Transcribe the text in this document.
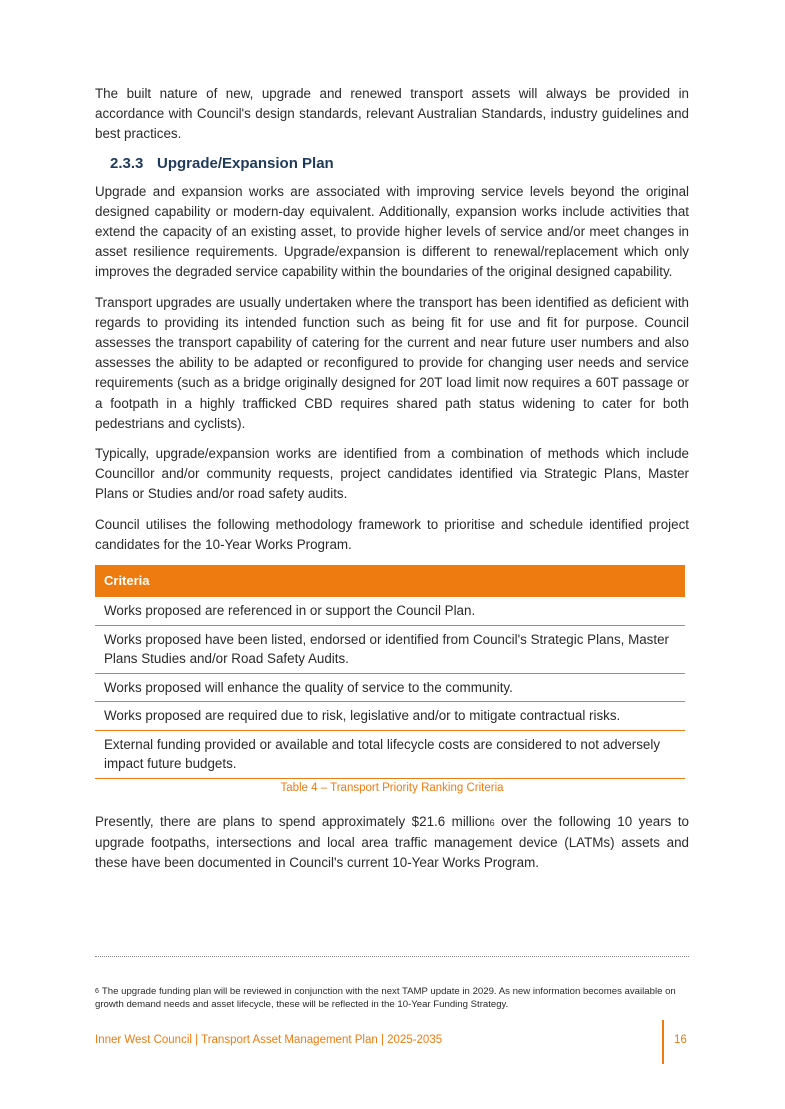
The built nature of new, upgrade and renewed transport assets will always be provided in accordance with Council's design standards, relevant Australian Standards, industry guidelines and best practices.

2.3.3 Upgrade/Expansion Plan

Upgrade and expansion works are associated with improving service levels beyond the original designed capability or modern-day equivalent. Additionally, expansion works include activities that extend the capacity of an existing asset, to provide higher levels of service and/or meet changes in asset resilience requirements. Upgrade/expansion is different to renewal/replacement which only improves the degraded service capability within the boundaries of the original designed capability.

Transport upgrades are usually undertaken where the transport has been identified as deficient with regards to providing its intended function such as being fit for use and fit for purpose. Council assesses the transport capability of catering for the current and near future user numbers and also assesses the ability to be adapted or reconfigured to provide for changing user needs and service requirements (such as a bridge originally designed for 20T load limit now requires a 60T passage or a footpath in a highly trafficked CBD requires shared path status widening to cater for both pedestrians and cyclists).

Typically, upgrade/expansion works are identified from a combination of methods which include Councillor and/or community requests, project candidates identified via Strategic Plans, Master Plans or Studies and/or road safety audits.

Council utilises the following methodology framework to prioritise and schedule identified project candidates for the 10-Year Works Program.

Criteria
Works proposed are referenced in or support the Council Plan.
Works proposed have been listed, endorsed or identified from Council's Strategic Plans, Master Plans Studies and/or Road Safety Audits.
Works proposed will enhance the quality of service to the community.
Works proposed are required due to risk, legislative and/or to mitigate contractual risks.
External funding provided or available and total lifecycle costs are considered to not adversely impact future budgets.
Table 4 – Transport Priority Ranking Criteria

Presently, there are plans to spend approximately $21.6 million6 over the following 10 years to upgrade footpaths, intersections and local area traffic management device (LATMs) assets and these have been documented in Council's current 10-Year Works Program.

$^6$ The upgrade funding plan will be reviewed in conjunction with the next TAMP update in 2029. As new information becomes available on growth demand needs and asset lifecycle, these will be reflected in the 10-Year Funding Strategy.
Inner West Council | Transport Asset Management Plan | 2025-2035	16
